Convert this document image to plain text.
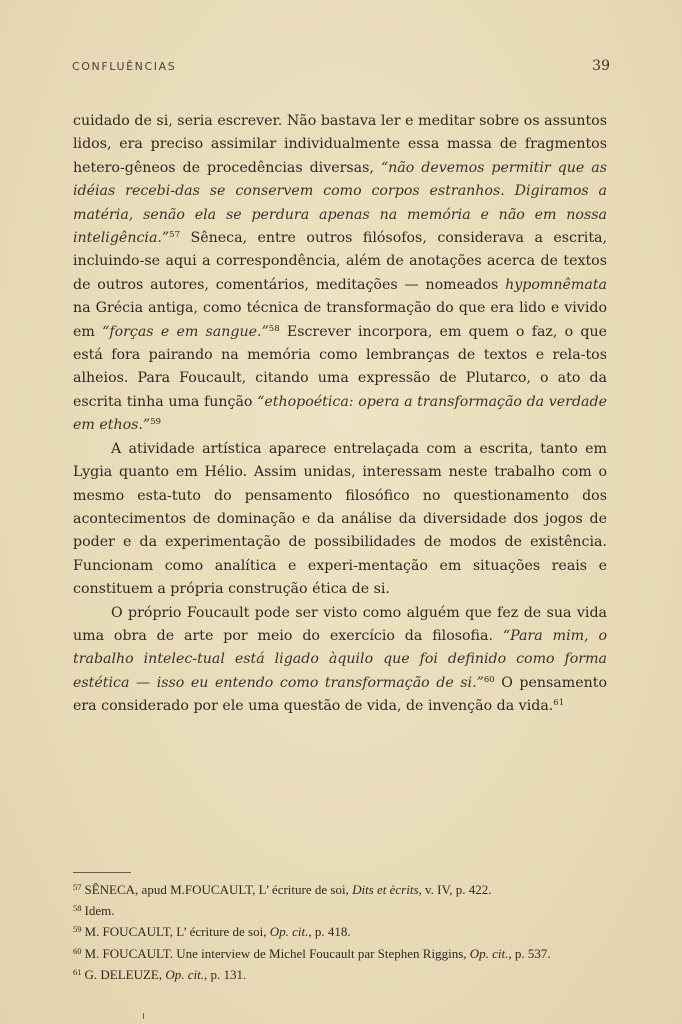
CONFLUÊNCIAS	39

cuidado de si, seria escrever. Não bastava ler e meditar sobre os assuntos lidos, era preciso assimilar individualmente essa massa de fragmentos hetero-gêneos de procedências diversas, “não devemos permitir que as idéias recebi-das se conservem como corpos estranhos. Digiramos a matéria, senão ela se perdura apenas na memória e não em nossa inteligência.”$^{57}$ Sêneca, entre outros filósofos, considerava a escrita, incluindo-se aqui a correspondência, além de anotações acerca de textos de outros autores, comentários, meditações — nomeados hypomnêmata na Grécia antiga, como técnica de transformação do que era lido e vivido em “forças e em sangue.”$^{58}$ Escrever incorpora, em quem o faz, o que está fora pairando na memória como lembranças de textos e rela-tos alheios. Para Foucault, citando uma expressão de Plutarco, o ato da escrita tinha uma função “ethopoética: opera a transformação da verdade em ethos.”$^{59}$

A atividade artística aparece entrelaçada com a escrita, tanto em Lygia quanto em Hélio. Assim unidas, interessam neste trabalho com o mesmo esta-tuto do pensamento filosófico no questionamento dos acontecimentos de dominação e da análise da diversidade dos jogos de poder e da experimentação de possibilidades de modos de existência. Funcionam como analítica e experi-mentação em situações reais e constituem a própria construção ética de si.

O próprio Foucault pode ser visto como alguém que fez de sua vida uma obra de arte por meio do exercício da filosofia. “Para mim, o trabalho intelec-tual está ligado àquilo que foi definido como forma estética — isso eu entendo como transformação de si.”$^{60}$ O pensamento era considerado por ele uma questão de vida, de invenção da vida.$^{61}$

$^{57}$ SÊNECA, apud M.FOUCAULT, L’ écriture de soi, Dits et ècrits, v. IV, p. 422.
$^{58}$ Idem.
$^{59}$ M. FOUCAULT, L’ écriture de soi, Op. cit., p. 418.
$^{60}$ M. FOUCAULT. Une interview de Michel Foucault par Stephen Riggins, Op. cit., p. 537.
$^{61}$ G. DELEUZE, Op. cit., p. 131.
